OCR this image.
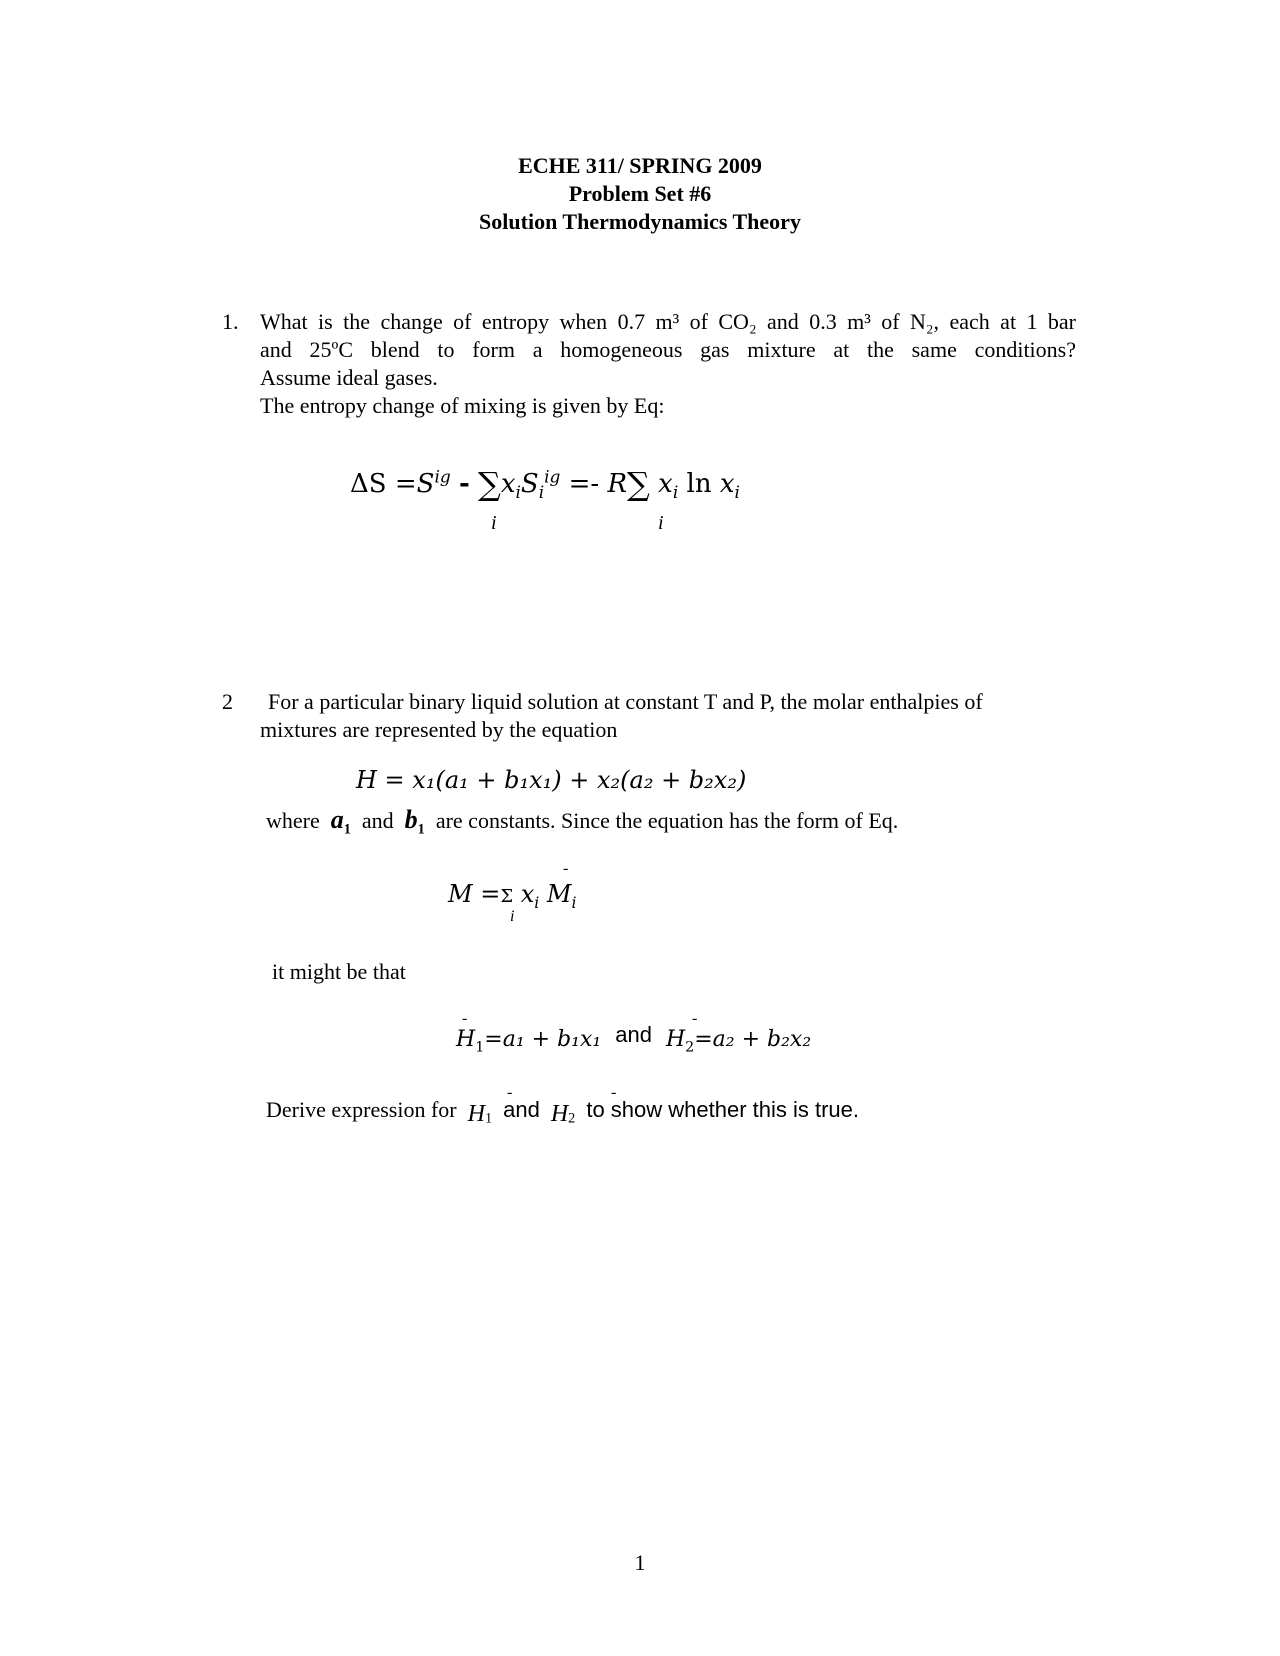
ECHE 311/ SPRING 2009
Problem Set #6
Solution Thermodynamics Theory
1. What is the change of entropy when 0.7 m³ of CO₂ and 0.3 m³ of N₂, each at 1 bar
and 25ºC blend to form a homogeneous gas mixture at the same conditions?
Assume ideal gases.
The entropy change of mixing is given by Eq:
$\Delta S =S^{ig} - \sum x_iS_i^{ig} =- R\sum$ $x_i$ $\ln x_i$
i	i
2 For a particular binary liquid solution at constant T and P, the molar enthalpies of
mixtures are represented by the equation
H = x₁(a₁ + b₁x₁) + x₂(a₂ + b₂x₂)
where $a_1$ and $b_1$ are constants. Since the equation has the form of Eq.
M =Σ $x_i$ $M_i$
-
i
it might be that
$H_1=a_1 + b_1x_1$ and $H_2=a_2 + b_2x_2$
-	-
Derive expression for $H_1$ and $H_2$ to show whether this is true.
-	-
1
